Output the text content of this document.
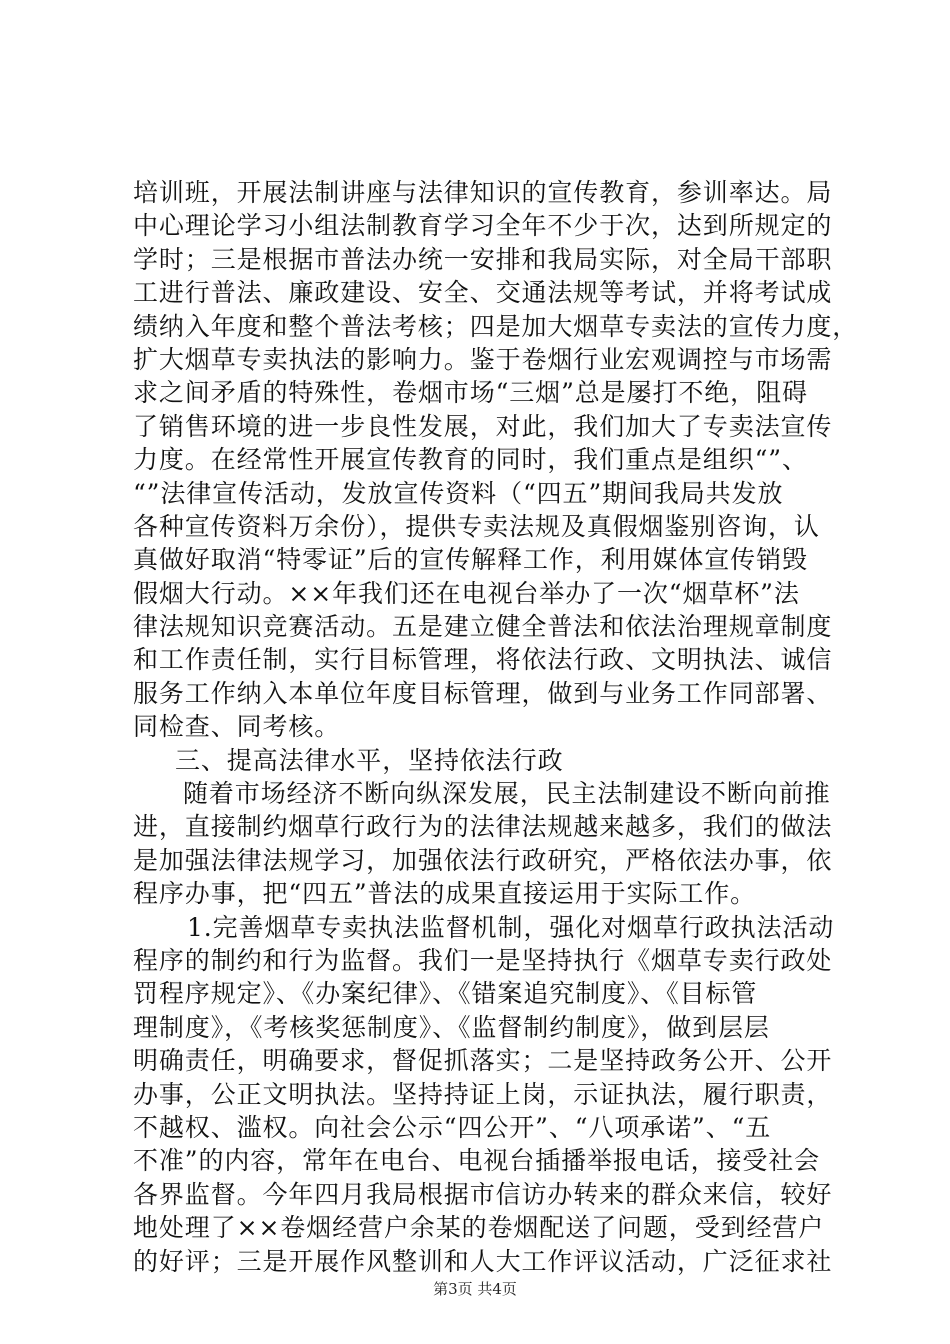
培训班，开展法制讲座与法律知识的宣传教育，参训率达。局
中心理论学习小组法制教育学习全年不少于次，达到所规定的
学时；三是根据市普法办统一安排和我局实际，对全局干部职
工进行普法、廉政建设、安全、交通法规等考试，并将考试成
绩纳入年度和整个普法考核；四是加大烟草专卖法的宣传力度，
扩大烟草专卖执法的影响力。鉴于卷烟行业宏观调控与市场需
求之间矛盾的特殊性，卷烟市场“三烟”总是屡打不绝，阻碍
了销售环境的进一步良性发展，对此，我们加大了专卖法宣传
力度。在经常性开展宣传教育的同时，我们重点是组织“”、
“”法律宣传活动，发放宣传资料（“四五”期间我局共发放
各种宣传资料万余份），提供专卖法规及真假烟鉴别咨询，认
真做好取消“特零证”后的宣传解释工作，利用媒体宣传销毁
假烟大行动。××年我们还在电视台举办了一次“烟草杯”法
律法规知识竞赛活动。五是建立健全普法和依法治理规章制度
和工作责任制，实行目标管理，将依法行政、文明执法、诚信
服务工作纳入本单位年度目标管理，做到与业务工作同部署、
同检查、同考核。
三、提高法律水平，坚持依法行政
随着市场经济不断向纵深发展，民主法制建设不断向前推
进，直接制约烟草行政行为的法律法规越来越多，我们的做法
是加强法律法规学习，加强依法行政研究，严格依法办事，依
程序办事，把“四五”普法的成果直接运用于实际工作。
1.完善烟草专卖执法监督机制，强化对烟草行政执法活动
程序的制约和行为监督。我们一是坚持执行《烟草专卖行政处
罚程序规定》、《办案纪律》、《错案追究制度》、《目标管
理制度》，《考核奖惩制度》、《监督制约制度》，做到层层
明确责任，明确要求，督促抓落实；二是坚持政务公开、公开
办事，公正文明执法。坚持持证上岗，示证执法，履行职责，
不越权、滥权。向社会公示“四公开”、“八项承诺”、“五
不准”的内容，常年在电台、电视台插播举报电话，接受社会
各界监督。今年四月我局根据市信访办转来的群众来信，较好
地处理了××卷烟经营户余某的卷烟配送了问题，受到经营户
的好评；三是开展作风整训和人大工作评议活动，广泛征求社
第3页 共4页
